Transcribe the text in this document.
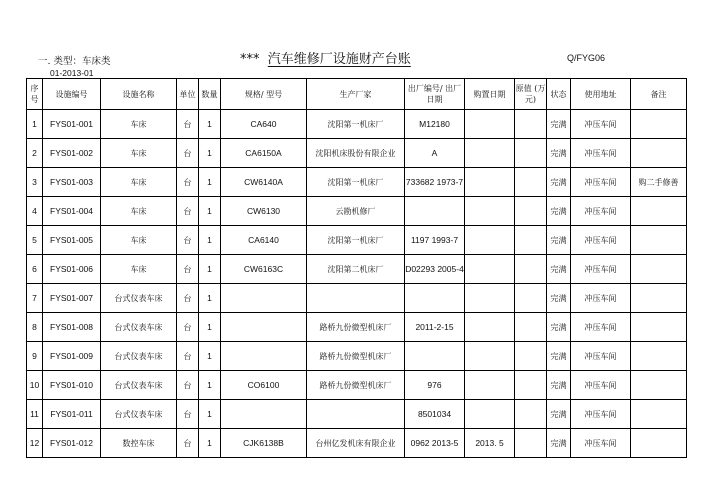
一. 类型：车床类	*** 汽车维修厂设施财产台账	Q/FYG06
01-2013-01
序号	设施编号	设施名称	单位	数量	规格/ 型号	生产厂家	出厂编号/ 出厂日期	购置日期	原值 (万元)	状态	使用地址	备注
1	FYS01-001	车床	台	1	CA640	沈阳第一机床厂	M12180			完满	冲压车间	
2	FYS01-002	车床	台	1	CA6150A	沈阳机床股份有限企业	A			完满	冲压车间	
3	FYS01-003	车床	台	1	CW6140A	沈阳第一机床厂	733682 1973-7			完满	冲压车间	购二手修善
4	FYS01-004	车床	台	1	CW6130	云勘机修厂				完满	冲压车间	
5	FYS01-005	车床	台	1	CA6140	沈阳第一机床厂	1197 1993-7			完满	冲压车间	
6	FYS01-006	车床	台	1	CW6163C	沈阳第二机床厂	D02293 2005-4			完满	冲压车间	
7	FYS01-007	台式仪表车床	台	1						完满	冲压车间	
8	FYS01-008	台式仪表车床	台	1		路桥九份微型机床厂	2011-2-15			完满	冲压车间	
9	FYS01-009	台式仪表车床	台	1		路桥九份微型机床厂				完满	冲压车间	
10	FYS01-010	台式仪表车床	台	1	CO6100	路桥九份微型机床厂	976			完满	冲压车间	
11	FYS01-011	台式仪表车床	台	1			8501034			完满	冲压车间	
12	FYS01-012	数控车床	台	1	CJK6138B	台州亿发机床有限企业	0962 2013-5	2013. 5		完满	冲压车间	
